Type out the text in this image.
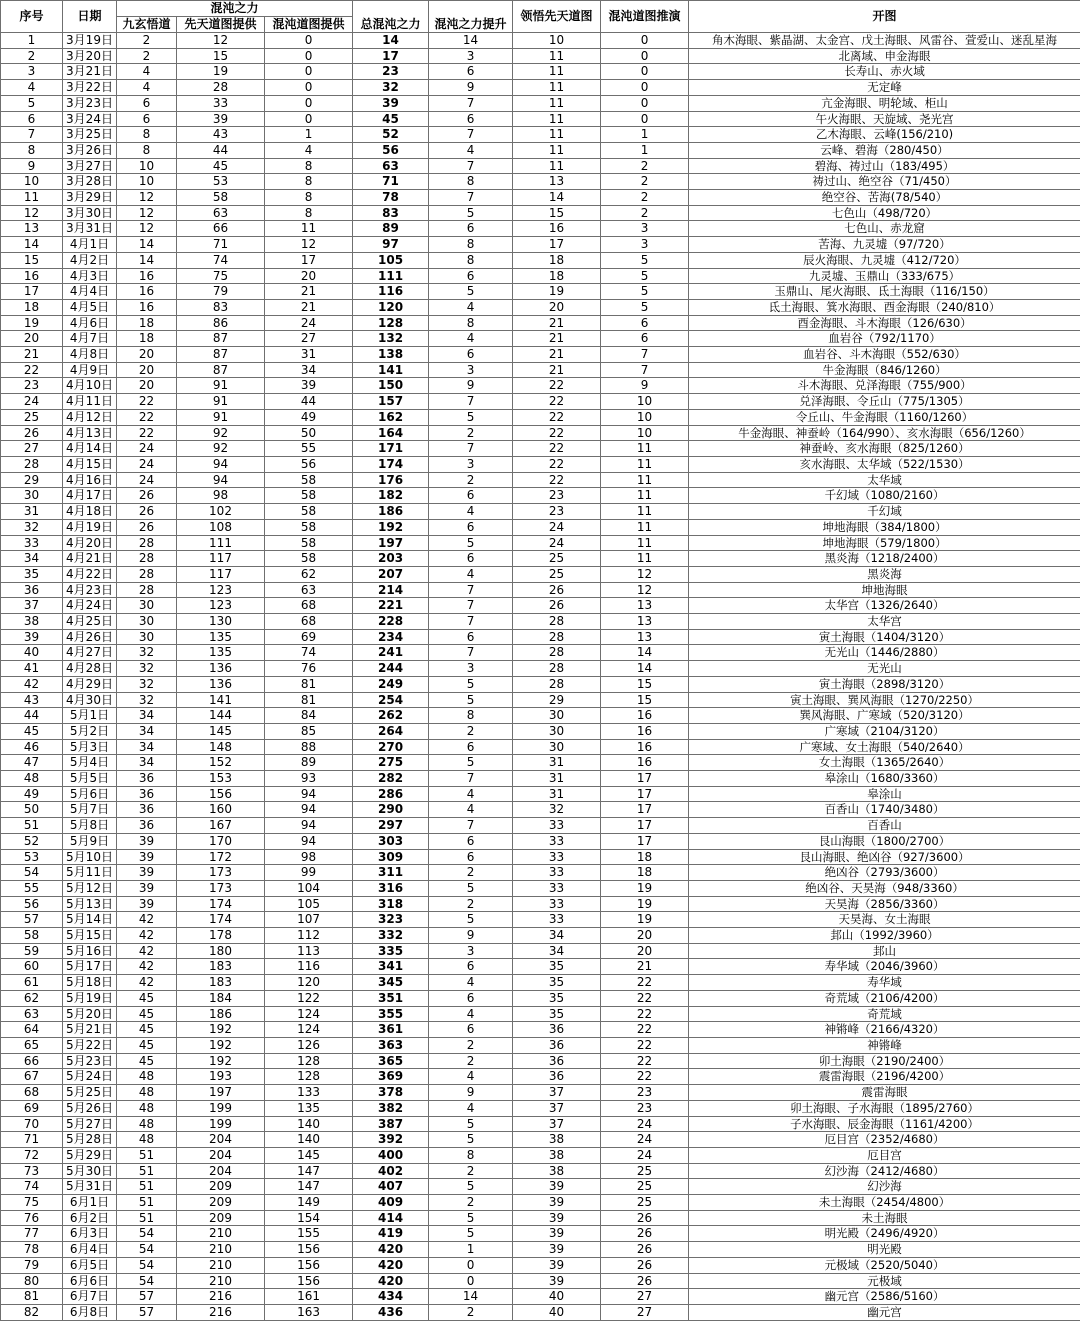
序号	日期	混沌之力			总混沌之力	混沌之力提升	领悟先天道图	混沌道图推演	开图
		九玄悟道	先天道图提供	混沌道图提供					
1	3月19日	2	12	0	14	14	10	0	角木海眼、紫晶湖、太金宫、戊土海眼、风雷谷、萱爱山、迷乱星海
2	3月20日	2	15	0	17	3	11	0	北离域、申金海眼
3	3月21日	4	19	0	23	6	11	0	长寿山、赤火域
4	3月22日	4	28	0	32	9	11	0	无定峰
5	3月23日	6	33	0	39	7	11	0	亢金海眼、明轮域、柜山
6	3月24日	6	39	0	45	6	11	0	午火海眼、天旋域、尧光宫
7	3月25日	8	43	1	52	7	11	1	乙木海眼、云峰(156/210)
8	3月26日	8	44	4	56	4	11	1	云峰、碧海（280/450）
9	3月27日	10	45	8	63	7	11	2	碧海、祷过山（183/495）
10	3月28日	10	53	8	71	8	13	2	祷过山、绝空谷（71/450）
11	3月29日	12	58	8	78	7	14	2	绝空谷、苦海(78/540）
12	3月30日	12	63	8	83	5	15	2	七色山（498/720）
13	3月31日	12	66	11	89	6	16	3	七色山、赤龙窟
14	4月1日	14	71	12	97	8	17	3	苦海、九灵墟（97/720）
15	4月2日	14	74	17	105	8	18	5	辰火海眼、九灵墟（412/720）
16	4月3日	16	75	20	111	6	18	5	九灵墟、玉鼎山（333/675）
17	4月4日	16	79	21	116	5	19	5	玉鼎山、尾火海眼、氐土海眼（116/150）
18	4月5日	16	83	21	120	4	20	5	氐土海眼、箕水海眼、酉金海眼（240/810）
19	4月6日	18	86	24	128	8	21	6	酉金海眼、斗木海眼（126/630）
20	4月7日	18	87	27	132	4	21	6	血岩谷（792/1170）
21	4月8日	20	87	31	138	6	21	7	血岩谷、斗木海眼（552/630）
22	4月9日	20	87	34	141	3	21	7	牛金海眼（846/1260）
23	4月10日	20	91	39	150	9	22	9	斗木海眼、兑泽海眼（755/900）
24	4月11日	22	91	44	157	7	22	10	兑泽海眼、令丘山（775/1305）
25	4月12日	22	91	49	162	5	22	10	令丘山、牛金海眼（1160/1260）
26	4月13日	22	92	50	164	2	22	10	牛金海眼、神蚕岭（164/990）、亥水海眼（656/1260）
27	4月14日	24	92	55	171	7	22	11	神蚕岭、亥水海眼（825/1260）
28	4月15日	24	94	56	174	3	22	11	亥水海眼、太华域（522/1530）
29	4月16日	24	94	58	176	2	22	11	太华域
30	4月17日	26	98	58	182	6	23	11	千幻域（1080/2160）
31	4月18日	26	102	58	186	4	23	11	千幻域
32	4月19日	26	108	58	192	6	24	11	坤地海眼（384/1800）
33	4月20日	28	111	58	197	5	24	11	坤地海眼（579/1800）
34	4月21日	28	117	58	203	6	25	11	黑炎海（1218/2400）
35	4月22日	28	117	62	207	4	25	12	黑炎海
36	4月23日	28	123	63	214	7	26	12	坤地海眼
37	4月24日	30	123	68	221	7	26	13	太华宫（1326/2640）
38	4月25日	30	130	68	228	7	28	13	太华宫
39	4月26日	30	135	69	234	6	28	13	寅土海眼（1404/3120）
40	4月27日	32	135	74	241	7	28	14	无光山（1446/2880）
41	4月28日	32	136	76	244	3	28	14	无光山
42	4月29日	32	136	81	249	5	28	15	寅土海眼（2898/3120）
43	4月30日	32	141	81	254	5	29	15	寅土海眼、巽风海眼（1270/2250）
44	5月1日	34	144	84	262	8	30	16	巽风海眼、广寒域（520/3120）
45	5月2日	34	145	85	264	2	30	16	广寒域（2104/3120）
46	5月3日	34	148	88	270	6	30	16	广寒域、女土海眼（540/2640）
47	5月4日	34	152	89	275	5	31	16	女土海眼（1365/2640）
48	5月5日	36	153	93	282	7	31	17	皋涂山（1680/3360）
49	5月6日	36	156	94	286	4	31	17	皋涂山
50	5月7日	36	160	94	290	4	32	17	百香山（1740/3480）
51	5月8日	36	167	94	297	7	33	17	百香山
52	5月9日	39	170	94	303	6	33	17	艮山海眼（1800/2700）
53	5月10日	39	172	98	309	6	33	18	艮山海眼、绝凶谷（927/3600）
54	5月11日	39	173	99	311	2	33	18	绝凶谷（2793/3600）
55	5月12日	39	173	104	316	5	33	19	绝凶谷、天昊海（948/3360）
56	5月13日	39	174	105	318	2	33	19	天昊海（2856/3360）
57	5月14日	42	174	107	323	5	33	19	天昊海、女土海眼
58	5月15日	42	178	112	332	9	34	20	邽山（1992/3960）
59	5月16日	42	180	113	335	3	34	20	邽山
60	5月17日	42	183	116	341	6	35	21	寿华域（2046/3960）
61	5月18日	42	183	120	345	4	35	22	寿华域
62	5月19日	45	184	122	351	6	35	22	奇荒域（2106/4200）
63	5月20日	45	186	124	355	4	35	22	奇荒域
64	5月21日	45	192	124	361	6	36	22	神锵峰（2166/4320）
65	5月22日	45	192	126	363	2	36	22	神锵峰
66	5月23日	45	192	128	365	2	36	22	卯土海眼（2190/2400）
67	5月24日	48	193	128	369	4	36	22	震雷海眼（2196/4200）
68	5月25日	48	197	133	378	9	37	23	震雷海眼
69	5月26日	48	199	135	382	4	37	23	卯土海眼、子水海眼（1895/2760）
70	5月27日	48	199	140	387	5	37	24	子水海眼、辰金海眼（1161/4200）
71	5月28日	48	204	140	392	5	38	24	厄目宫（2352/4680）
72	5月29日	51	204	145	400	8	38	24	厄目宫
73	5月30日	51	204	147	402	2	38	25	幻沙海（2412/4680）
74	5月31日	51	209	147	407	5	39	25	幻沙海
75	6月1日	51	209	149	409	2	39	25	未土海眼（2454/4800）
76	6月2日	51	209	154	414	5	39	26	未土海眼
77	6月3日	54	210	155	419	5	39	26	明光殿（2496/4920）
78	6月4日	54	210	156	420	1	39	26	明光殿
79	6月5日	54	210	156	420	0	39	26	元极域（2520/5040）
80	6月6日	54	210	156	420	0	39	26	元极域
81	6月7日	57	216	161	434	14	40	27	幽元宫（2586/5160）
82	6月8日	57	216	163	436	2	40	27	幽元宫
